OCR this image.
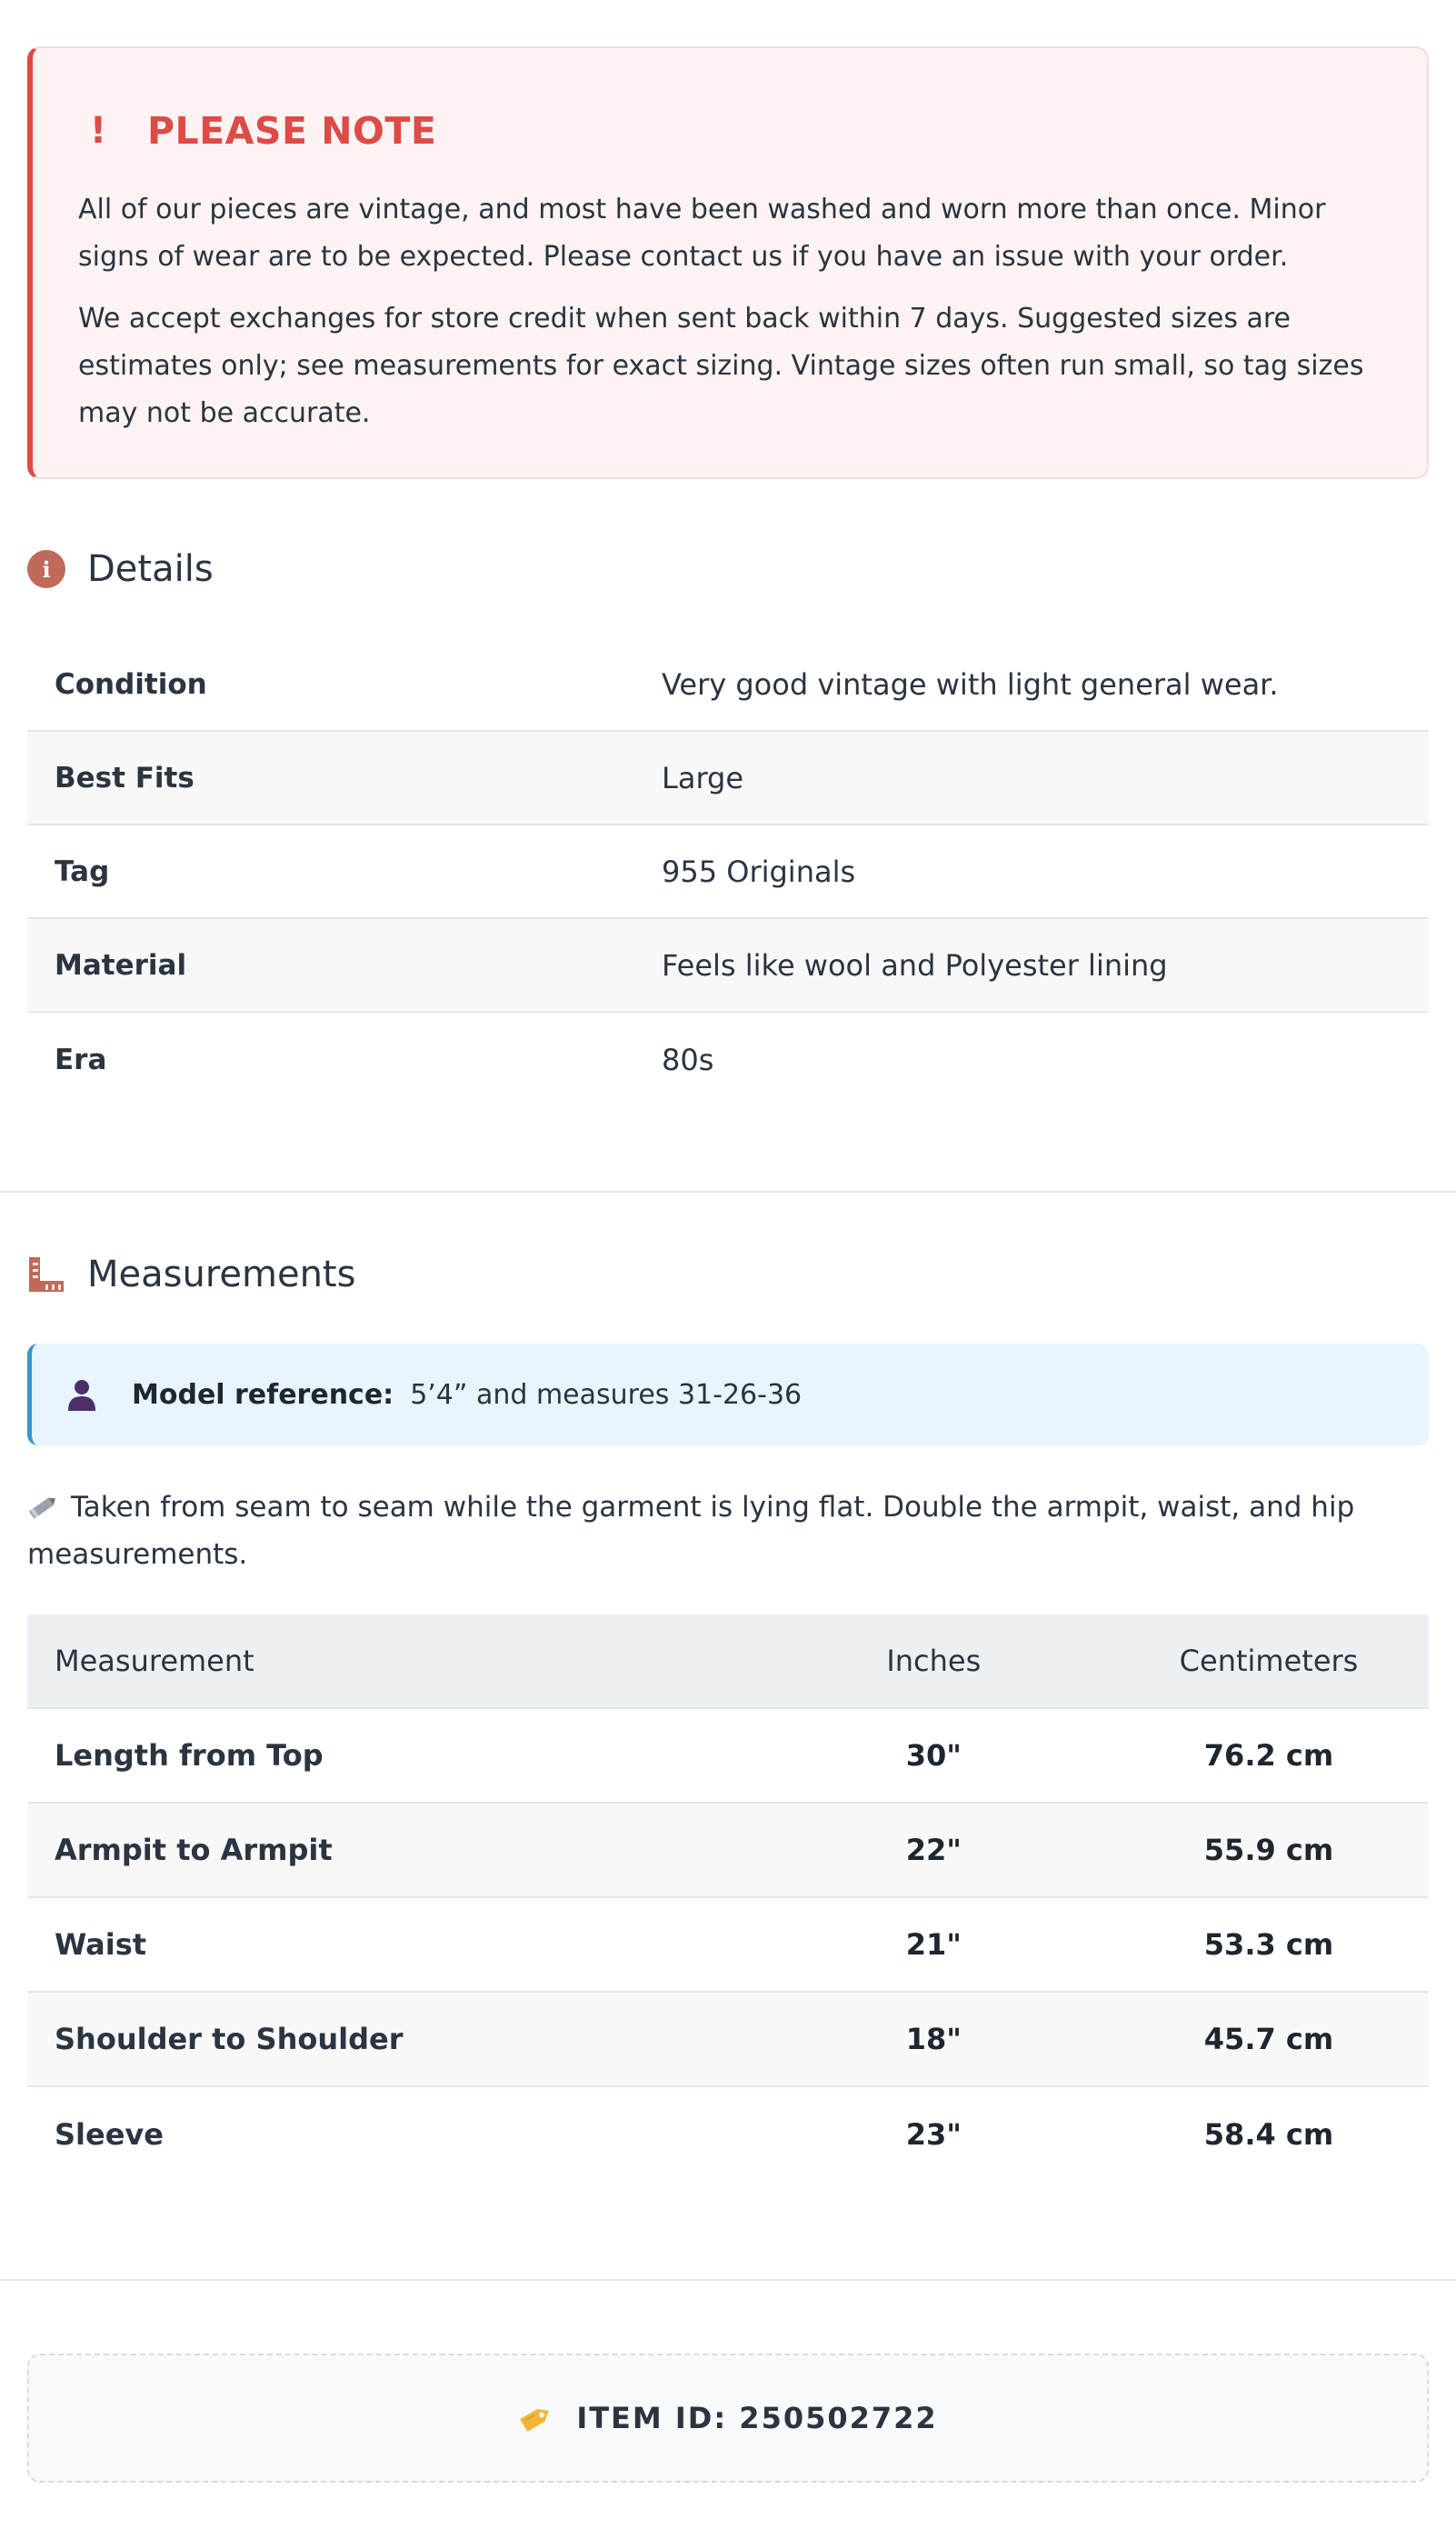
!	PLEASE NOTE

All of our pieces are vintage, and most have been washed and worn more than once. Minor signs of wear are to be expected. Please contact us if you have an issue with your order.

We accept exchanges for store credit when sent back within 7 days. Suggested sizes are estimates only; see measurements for exact sizing. Vintage sizes often run small, so tag sizes may not be accurate.

i	Details
Condition	Very good vintage with light general wear.
Best Fits	Large
Tag	955 Originals
Material	Feels like wool and Polyester lining
Era	80s
Measurements
Model reference: 5’4” and measures 31-26-36
Taken from seam to seam while the garment is lying flat. Double the armpit, waist, and hip measurements.
Measurement	Inches	Centimeters
Length from Top	30"	76.2 cm
Armpit to Armpit	22"	55.9 cm
Waist	21"	53.3 cm
Shoulder to Shoulder	18"	45.7 cm
Sleeve	23"	58.4 cm
ITEM ID: 250502722
